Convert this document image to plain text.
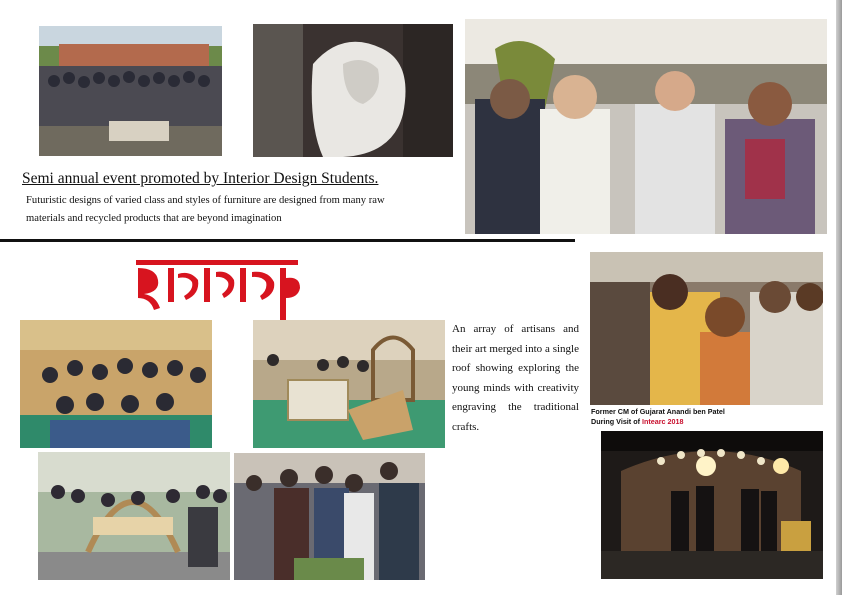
Semi annual event promoted by Interior Design Students.
Futuristic designs of varied class and styles of furniture are designed from many raw materials and recycled products that are beyond imagination
Former CM of Gujarat Anandi ben Patel
During Visit of Intearc 2018
An array of artisans and their art merged into a single roof showing exploring the young minds with creativity engraving the traditional crafts.
